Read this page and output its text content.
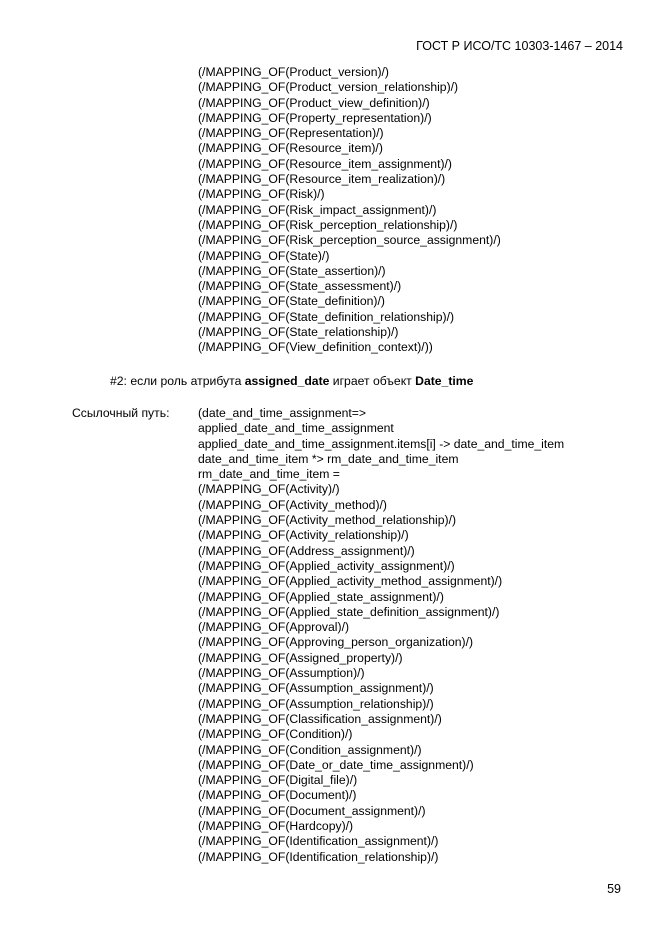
ГОСТ Р ИСО/ТС 10303-1467 – 2014
(/MAPPING_OF(Product_version)/)
(/MAPPING_OF(Product_version_relationship)/)
(/MAPPING_OF(Product_view_definition)/)
(/MAPPING_OF(Property_representation)/)
(/MAPPING_OF(Representation)/)
(/MAPPING_OF(Resource_item)/)
(/MAPPING_OF(Resource_item_assignment)/)
(/MAPPING_OF(Resource_item_realization)/)
(/MAPPING_OF(Risk)/)
(/MAPPING_OF(Risk_impact_assignment)/)
(/MAPPING_OF(Risk_perception_relationship)/)
(/MAPPING_OF(Risk_perception_source_assignment)/)
(/MAPPING_OF(State)/)
(/MAPPING_OF(State_assertion)/)
(/MAPPING_OF(State_assessment)/)
(/MAPPING_OF(State_definition)/)
(/MAPPING_OF(State_definition_relationship)/)
(/MAPPING_OF(State_relationship)/)
(/MAPPING_OF(View_definition_context)/))
#2: если роль атрибута assigned_date играет объект Date_time
Ссылочный путь: (date_and_time_assignment=>
applied_date_and_time_assignment
applied_date_and_time_assignment.items[i] -> date_and_time_item
date_and_time_item *> rm_date_and_time_item
rm_date_and_time_item =
(/MAPPING_OF(Activity)/)
(/MAPPING_OF(Activity_method)/)
(/MAPPING_OF(Activity_method_relationship)/)
(/MAPPING_OF(Activity_relationship)/)
(/MAPPING_OF(Address_assignment)/)
(/MAPPING_OF(Applied_activity_assignment)/)
(/MAPPING_OF(Applied_activity_method_assignment)/)
(/MAPPING_OF(Applied_state_assignment)/)
(/MAPPING_OF(Applied_state_definition_assignment)/)
(/MAPPING_OF(Approval)/)
(/MAPPING_OF(Approving_person_organization)/)
(/MAPPING_OF(Assigned_property)/)
(/MAPPING_OF(Assumption)/)
(/MAPPING_OF(Assumption_assignment)/)
(/MAPPING_OF(Assumption_relationship)/)
(/MAPPING_OF(Classification_assignment)/)
(/MAPPING_OF(Condition)/)
(/MAPPING_OF(Condition_assignment)/)
(/MAPPING_OF(Date_or_date_time_assignment)/)
(/MAPPING_OF(Digital_file)/)
(/MAPPING_OF(Document)/)
(/MAPPING_OF(Document_assignment)/)
(/MAPPING_OF(Hardcopy)/)
(/MAPPING_OF(Identification_assignment)/)
(/MAPPING_OF(Identification_relationship)/)
59
